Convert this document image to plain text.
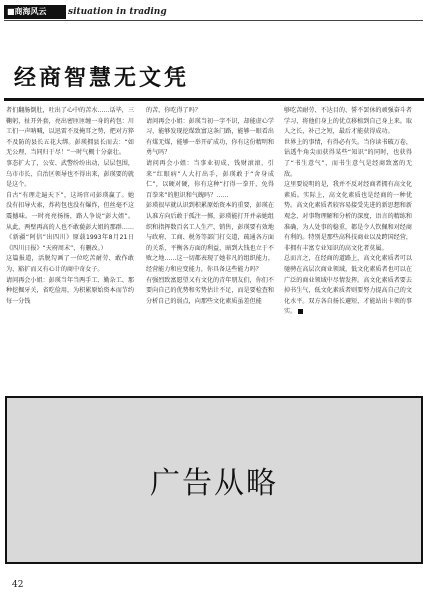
■商海风云	situation in trading
经商智慧无文凭

者们翻肠倒肚，吐出了心中的苦水……话毕，三鞠躬，扯开外套，亮出密匝匝缠一身的药包：川工们一声呐喊，以迅雷不及掩耳之势，把对方猝不及防的县长五花大绑。彭瑛拥县长而去：“如无公理，当同归于尽！”一时气概十分豪壮。

事态扩大了，公安、武警纷纷出动，层层包围，乌市市长、自治区领导也不得出来，彭瑛要的就是这个。

自古“有理走遍天下”，这场官司彭瑛赢了。她没有扣导火索，炸药包也没有爆炸，但丝毫不这震撼味。一时亮亮扬扬，路人争说“彭大姐”。从此，两壁再高的人也不敢藐彭大姐的那群……

《新疆“阿信”出四川》原载1993年8月21日《四川日报》“天府周末”，有删改。）

这篇报道，活脱勾画了一位吃苦耐劳、敢作敢为、豁扩而又有心计的商中奇女子。

请问再会小姐：彭瑛当年当两手工、勤杂工、那种挖掘牙关，省吃俭用，为积累原始资本而节约每一分钱

的苦，你吃得了吗？

请问再会小姐：彭瑛当初一字不识，却能虚心学习，能够发现挖煤致富这条门路，能够一眼看出有煤无煤，能够一举开矿成功，你有这份精明和勇气吗？

请问再会小姐：当事业初成，钱财滚滚，引来“红眼病”人大打出手，彭瑛敢于“舍身成仁”，以硬对硬，你有这种“打得一拳开，免得百拳来”的胆识和气魄吗？……

彭瑛很早就认识到积累原始资本的重要，彭瑛在认准方向后敢于孤注一掷，彭瑛能打开并亲她组织和指挥数百名工人生产、销售，彭瑛要有效地与政府、工商、税务等部门打交道，疏通各方面的关系，平衡各方面的利益，暗到大钱也立于不败之地……这一切都表现了她非凡的组织能力，经营能力和应变能力，你具备这些能力吗？

有强烈致富愿望又有文化的青年朋友们，你们不要向自己的优势和劣势估计不足，而是要检查和分析自己的弱点，向那些文化素质虽差但能

够吃苦耐劳、不达目的、誓不罢休的顽强奋斗者学习，将他们身上的优点移植到自己身上来。取人之长，补己之短，最后才能获得成功。

世界上的事情，有得必有失。当你读书破万卷，钻透牛角尖而获得某些“知识”的同时，也获得了“书生意气”，而书生意气是经商致富的无敌。

这里要说明的是，我并不反对经商者拥有高文化素质。实际上，高文化素质也是经商的一种优势。高文化素质者较容易接受先进的新思想和新观念，对事物理解和分析的深度，语言的精练和准确，为人处事的稳重，都是令人钦佩和对经商有利的。特别是那些高科技商业以及跨国经营，非拥有丰富专业知识的高文化者莫属。

总而言之，在经商的道路上，高文化素质者可以驰骋在高层次商业领域，低文化素质者也可以在广泛的商业领域中尽情发挥。高文化素质者要去掉书生气，低文化素质者则要努力提高自己的文化水平。双方各自扬长避短，才能站出卡领的事实。

广告从略
42
